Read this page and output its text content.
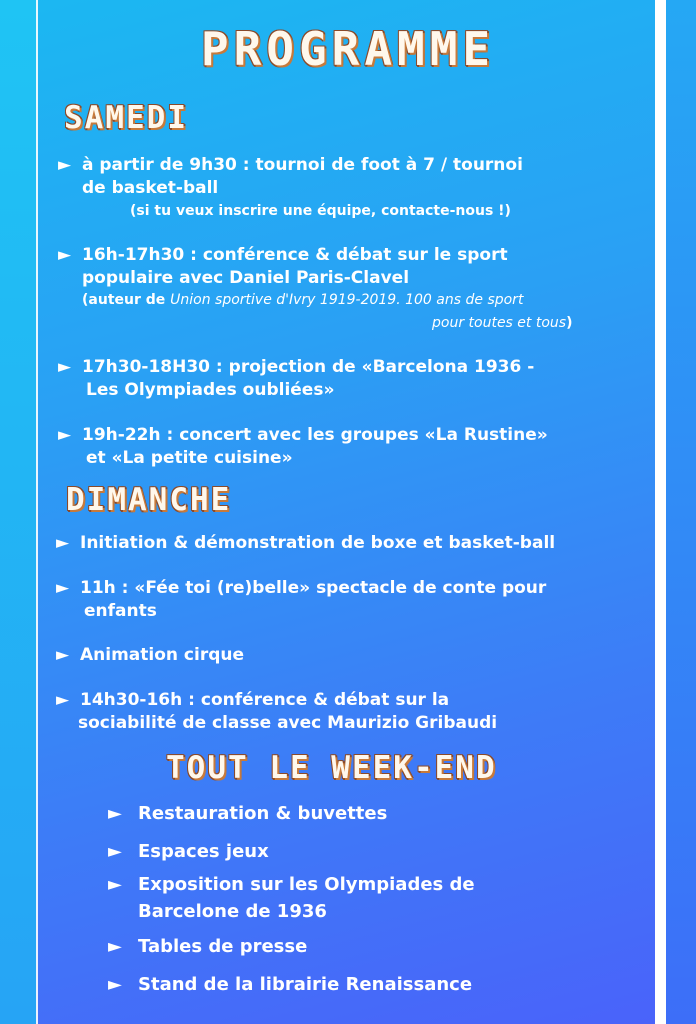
PROGRAMME
SAMEDI
► à partir de 9h30 : tournoi de foot à 7 / tournoi
de basket-ball
(si tu veux inscrire une équipe, contacte-nous !)
► 16h-17h30 : conférence & débat sur le sport
populaire avec Daniel Paris-Clavel
(auteur de Union sportive d'Ivry 1919-2019. 100 ans de sport
pour toutes et tous)
► 17h30-18H30 : projection de «Barcelona 1936 -
Les Olympiades oubliées»
► 19h-22h : concert avec les groupes «La Rustine»
et «La petite cuisine»
DIMANCHE
► Initiation & démonstration de boxe et basket-ball
► 11h : «Fée toi (re)belle» spectacle de conte pour
enfants
► Animation cirque
► 14h30-16h : conférence & débat sur la
sociabilité de classe avec Maurizio Gribaudi
TOUT LE WEEK-END
► Restauration & buvettes
► Espaces jeux
► Exposition sur les Olympiades de
Barcelone de 1936
► Tables de presse
► Stand de la librairie Renaissance
